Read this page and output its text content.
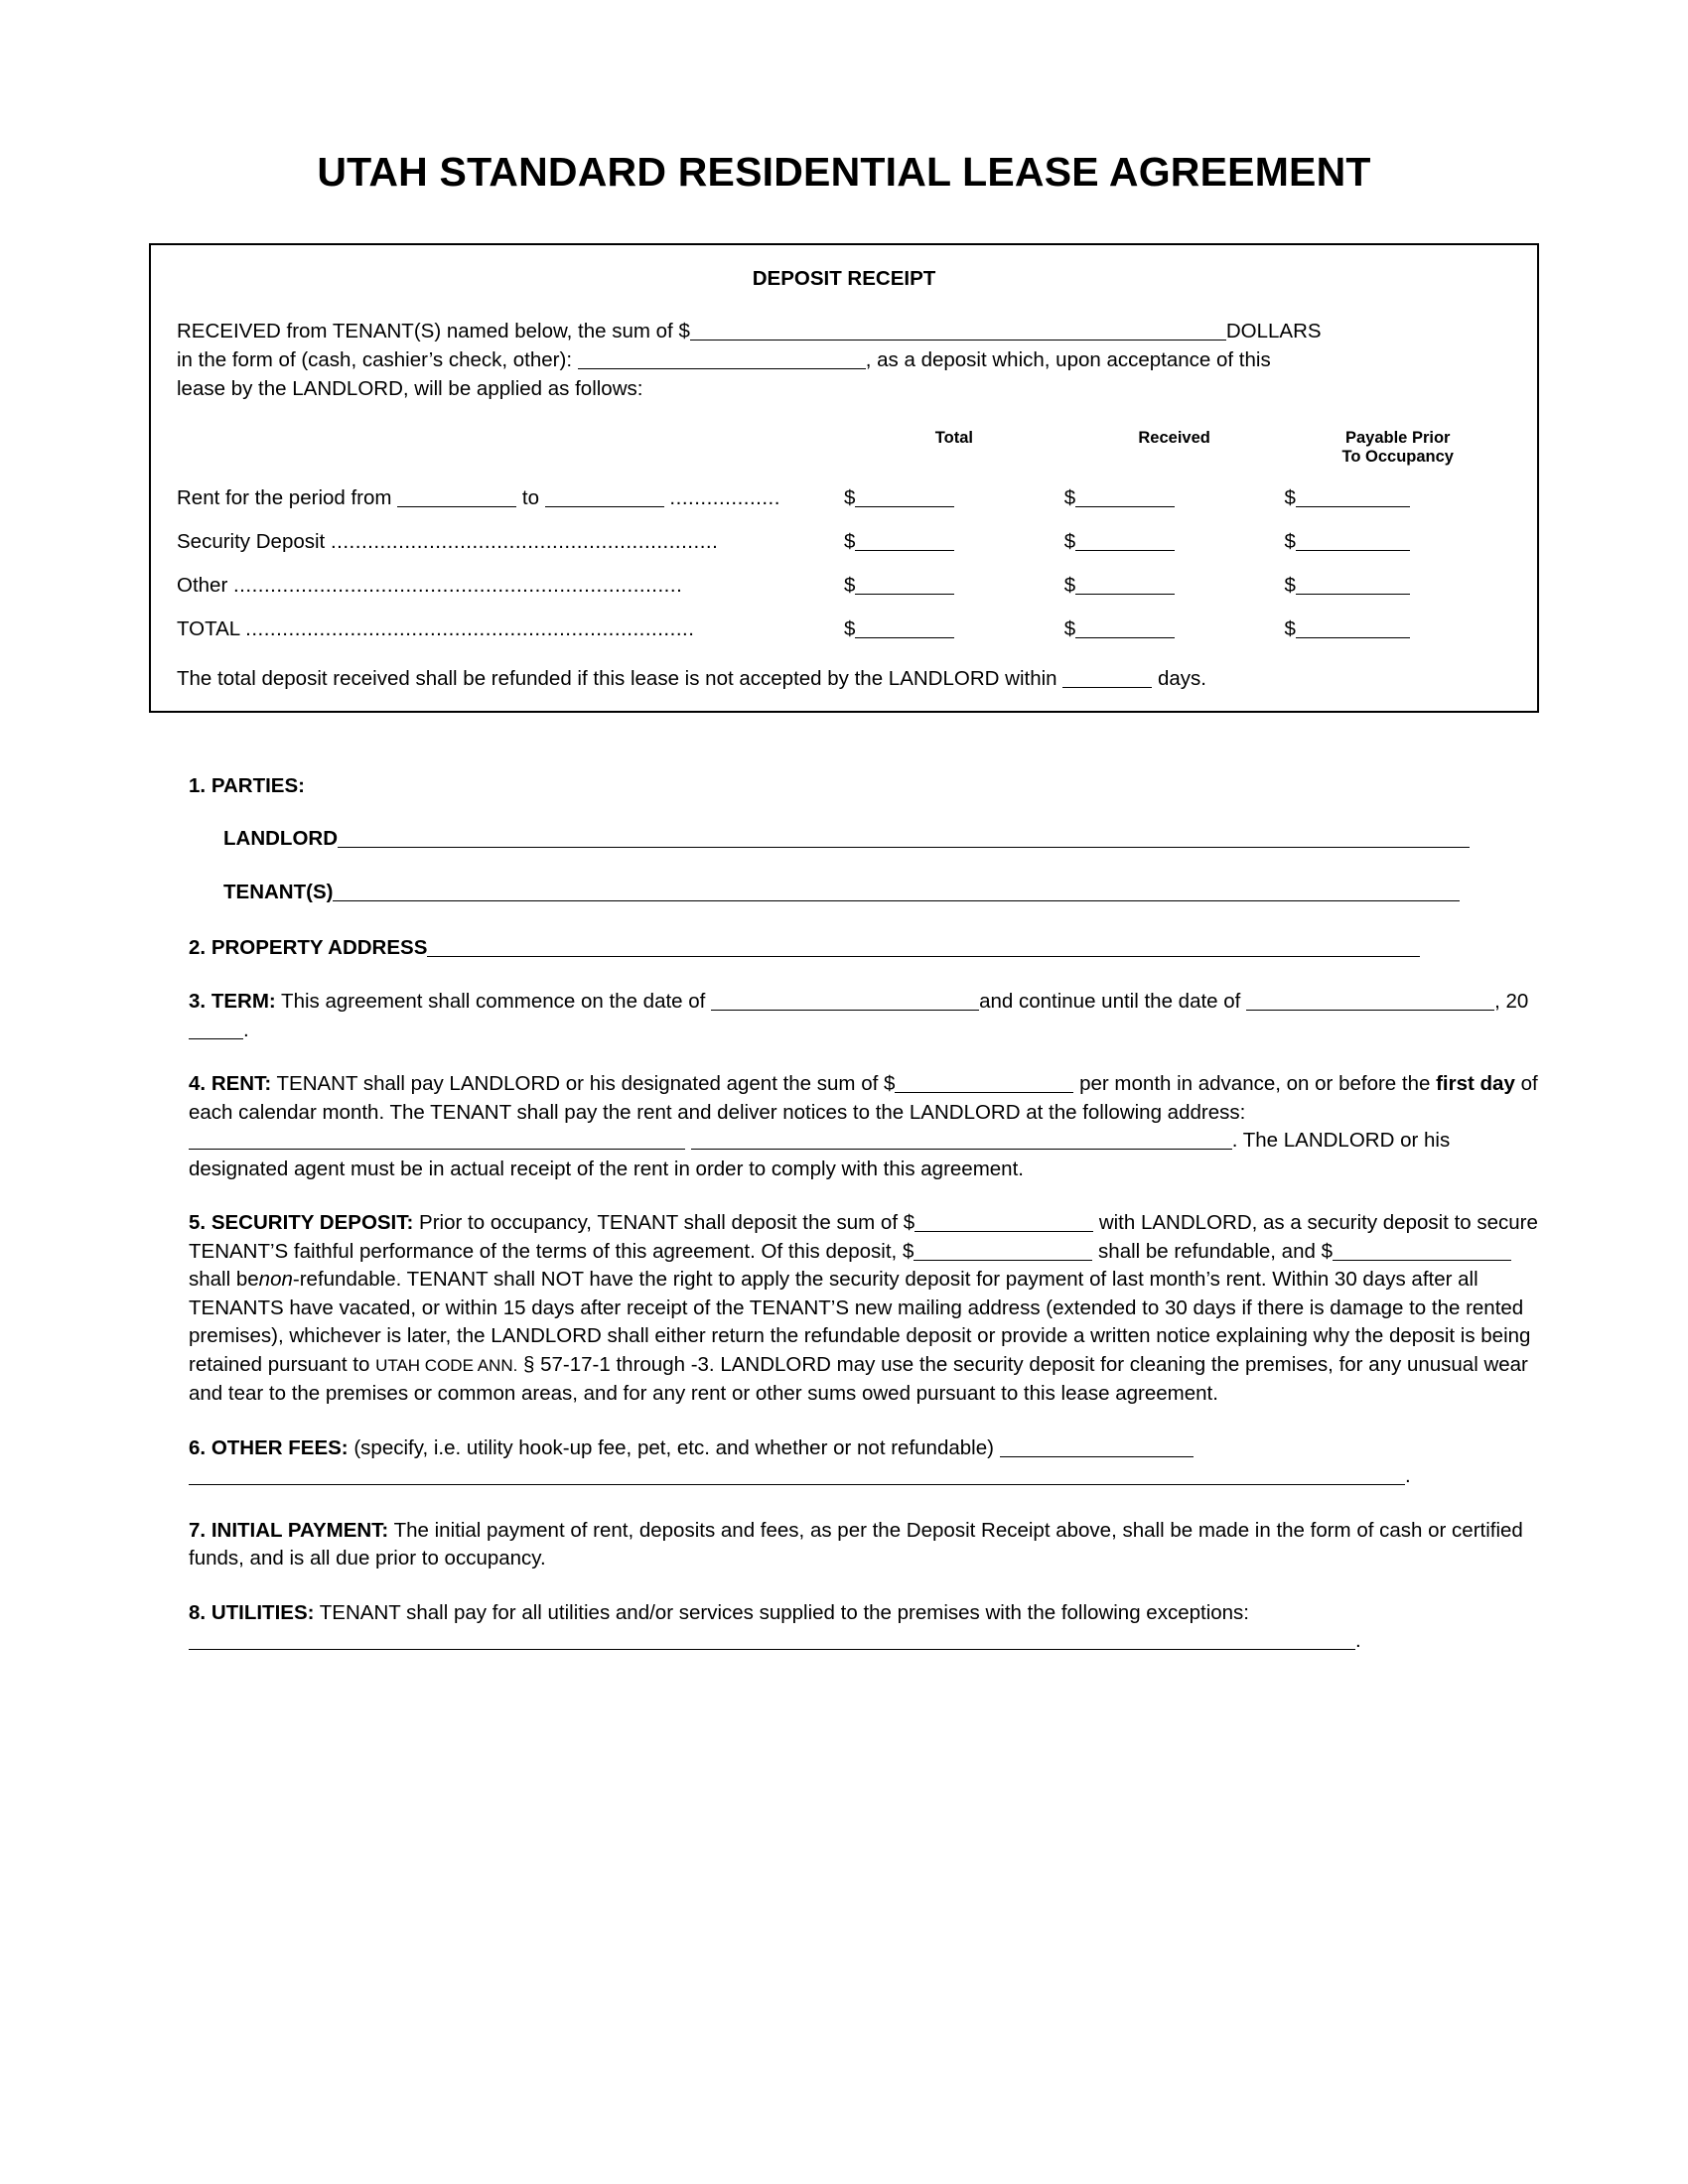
UTAH STANDARD RESIDENTIAL LEASE AGREEMENT
DEPOSIT RECEIPT
RECEIVED from TENANT(S) named below, the sum of $	DOLLARS
in the form of (cash, cashier’s check, other):	, as a deposit which, upon acceptance of this
lease by the LANDLORD, will be applied as follows:
Total	Received	Payable Prior
To Occupancy
Rent for the period from	to	..................	$	$	$
Security Deposit ...............................................................	$	$	$
Other .........................................................................	$	$	$
TOTAL .........................................................................	$	$	$
The total deposit received shall be refunded if this lease is not accepted by the LANDLORD within	days.
1. PARTIES:
LANDLORD
TENANT(S)
2. PROPERTY ADDRESS
3. TERM: This agreement shall commence on the date of	and continue until the date of	, 20.
4. RENT: TENANT shall pay LANDLORD or his designated agent the sum of $	per month in advance, on or before the first day of each calendar month. The TENANT shall pay the rent and deliver notices to the LANDLORD at the following address:  . The LANDLORD or his designated agent must be in actual receipt of the rent in order to comply with this agreement.
5. SECURITY DEPOSIT: Prior to occupancy, TENANT shall deposit the sum of $	with LANDLORD, as a security deposit to secure TENANT’S faithful performance of the terms of this agreement. Of this deposit, $	shall be refundable, and $ shall benon-refundable. TENANT shall NOT have the right to apply the security deposit for payment of last month’s rent. Within 30 days after all TENANTS have vacated, or within 15 days after receipt of the TENANT’S new mailing address (extended to 30 days if there is damage to the rented premises), whichever is later, the LANDLORD shall either return the refundable deposit or provide a written notice explaining why the deposit is being retained pursuant to UTAH CODE ANN. § 57-17-1 through -3. LANDLORD may use the security deposit for cleaning the premises, for any unusual wear and tear to the premises or common areas, and for any rent or other sums owed pursuant to this lease agreement.
6. OTHER FEES: (specify, i.e. utility hook-up fee, pet, etc. and whether or not refundable)  .
7. INITIAL PAYMENT: The initial payment of rent, deposits and fees, as per the Deposit Receipt above, shall be made in the form of cash or certified funds, and is all due prior to occupancy.
8. UTILITIES: TENANT shall pay for all utilities and/or services supplied to the premises with the following exceptions: .
